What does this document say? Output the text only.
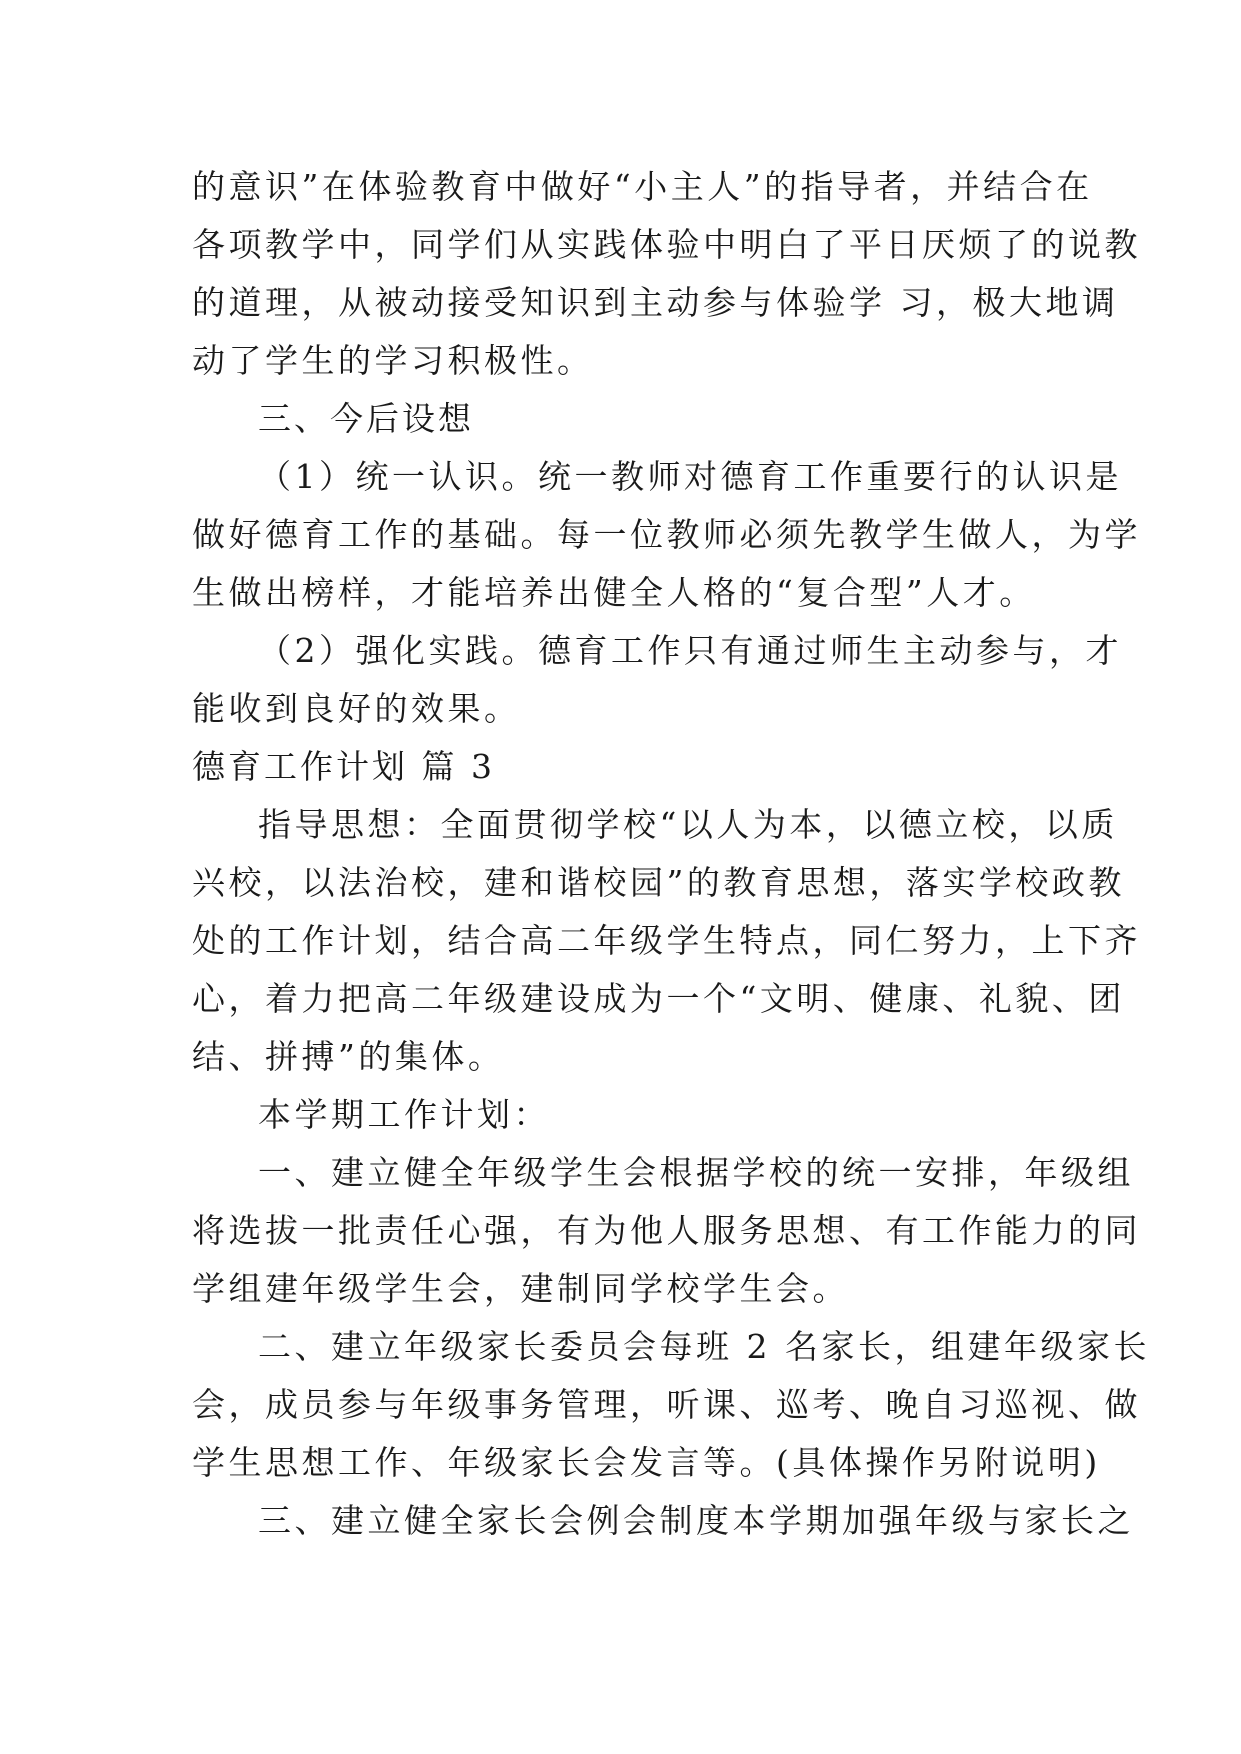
的意识”在体验教育中做好“小主人”的指导者，并结合在
各项教学中，同学们从实践体验中明白了平日厌烦了的说教
的道理，从被动接受知识到主动参与体验学 习，极大地调
动了学生的学习积极性。
三、今后设想
（1）统一认识。统一教师对德育工作重要行的认识是
做好德育工作的基础。每一位教师必须先教学生做人，为学
生做出榜样，才能培养出健全人格的“复合型”人才。
（2）强化实践。德育工作只有通过师生主动参与，才
能收到良好的效果。
德育工作计划 篇 3
指导思想：全面贯彻学校“以人为本，以德立校，以质
兴校，以法治校，建和谐校园”的教育思想，落实学校政教
处的工作计划，结合高二年级学生特点，同仁努力，上下齐
心，着力把高二年级建设成为一个“文明、健康、礼貌、团
结、拼搏”的集体。
本学期工作计划：
一、建立健全年级学生会根据学校的统一安排，年级组
将选拔一批责任心强，有为他人服务思想、有工作能力的同
学组建年级学生会，建制同学校学生会。
二、建立年级家长委员会每班 2 名家长，组建年级家长
会，成员参与年级事务管理，听课、巡考、晚自习巡视、做
学生思想工作、年级家长会发言等。(具体操作另附说明)
三、建立健全家长会例会制度本学期加强年级与家长之
